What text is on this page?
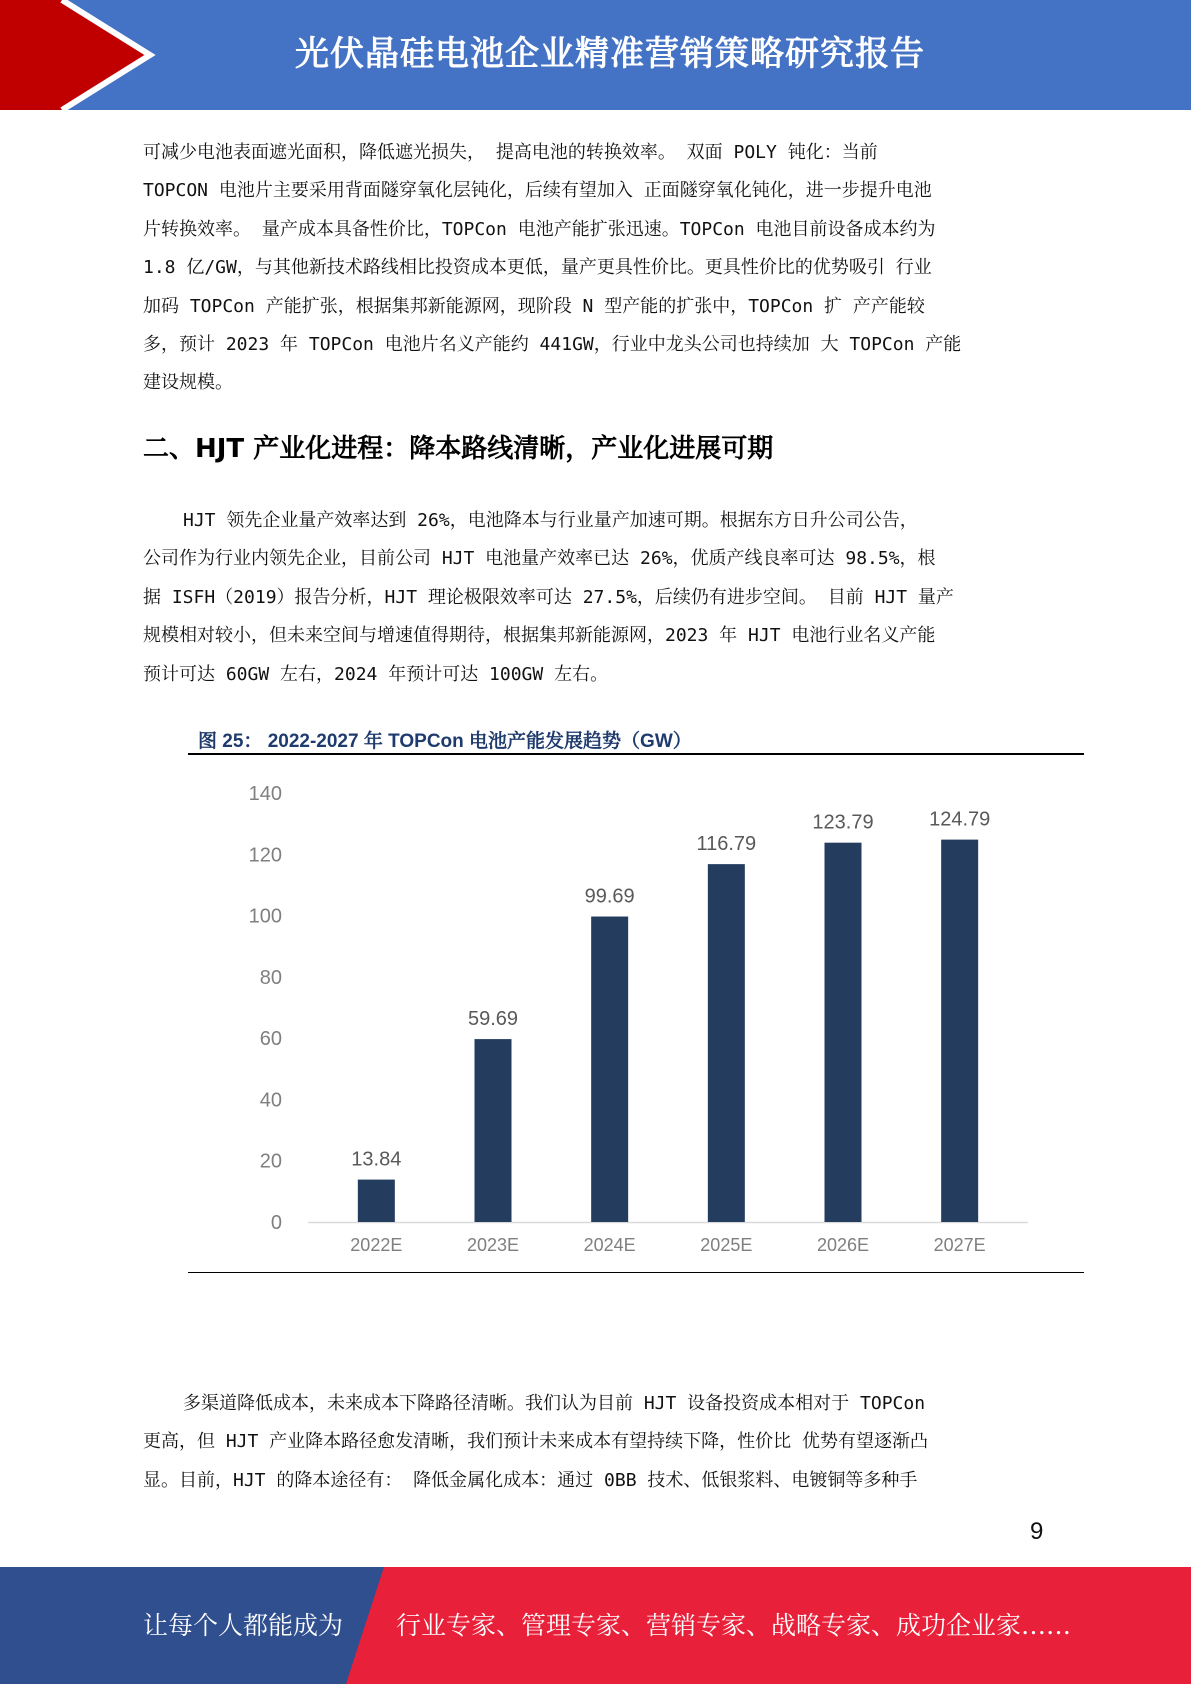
光伏晶硅电池企业精准营销策略研究报告
可减少电池表面遮光面积，降低遮光损失， 提高电池的转换效率。 双面 POLY 钝化：当前
TOPCON 电池片主要采用背面隧穿氧化层钝化，后续有望加入 正面隧穿氧化钝化，进一步提升电池
片转换效率。 量产成本具备性价比，TOPCon 电池产能扩张迅速。TOPCon 电池目前设备成本约为
1.8 亿/GW，与其他新技术路线相比投资成本更低，量产更具性价比。更具性价比的优势吸引 行业
加码 TOPCon 产能扩张，根据集邦新能源网，现阶段 N 型产能的扩张中，TOPCon 扩 产产能较
多，预计 2023 年 TOPCon 电池片名义产能约 441GW，行业中龙头公司也持续加 大 TOPCon 产能
建设规模。
二、HJT 产业化进程：降本路线清晰，产业化进展可期
HJT 领先企业量产效率达到 26%，电池降本与行业量产加速可期。根据东方日升公司公告，
公司作为行业内领先企业，目前公司 HJT 电池量产效率已达 26%，优质产线良率可达 98.5%，根
据 ISFH（2019）报告分析，HJT 理论极限效率可达 27.5%，后续仍有进步空间。 目前 HJT 量产
规模相对较小，但未来空间与增速值得期待，根据集邦新能源网，2023 年 HJT 电池行业名义产能
预计可达 60GW 左右，2024 年预计可达 100GW 左右。
图 25： 2022-2027 年 TOPCon 电池产能发展趋势（GW）
0
20
40
60
80
100
120
140
13.84
2022E
59.69
2023E
99.69
2024E
116.79
2025E
123.79
2026E
124.79
2027E
多渠道降低成本，未来成本下降路径清晰。我们认为目前 HJT 设备投资成本相对于 TOPCon
更高，但 HJT 产业降本路径愈发清晰，我们预计未来成本有望持续下降，性价比 优势有望逐渐凸
显。目前，HJT 的降本途径有： 降低金属化成本：通过 0BB 技术、低银浆料、电镀铜等多种手
9
让每个人都能成为 行业专家、管理专家、营销专家、战略专家、成功企业家……
